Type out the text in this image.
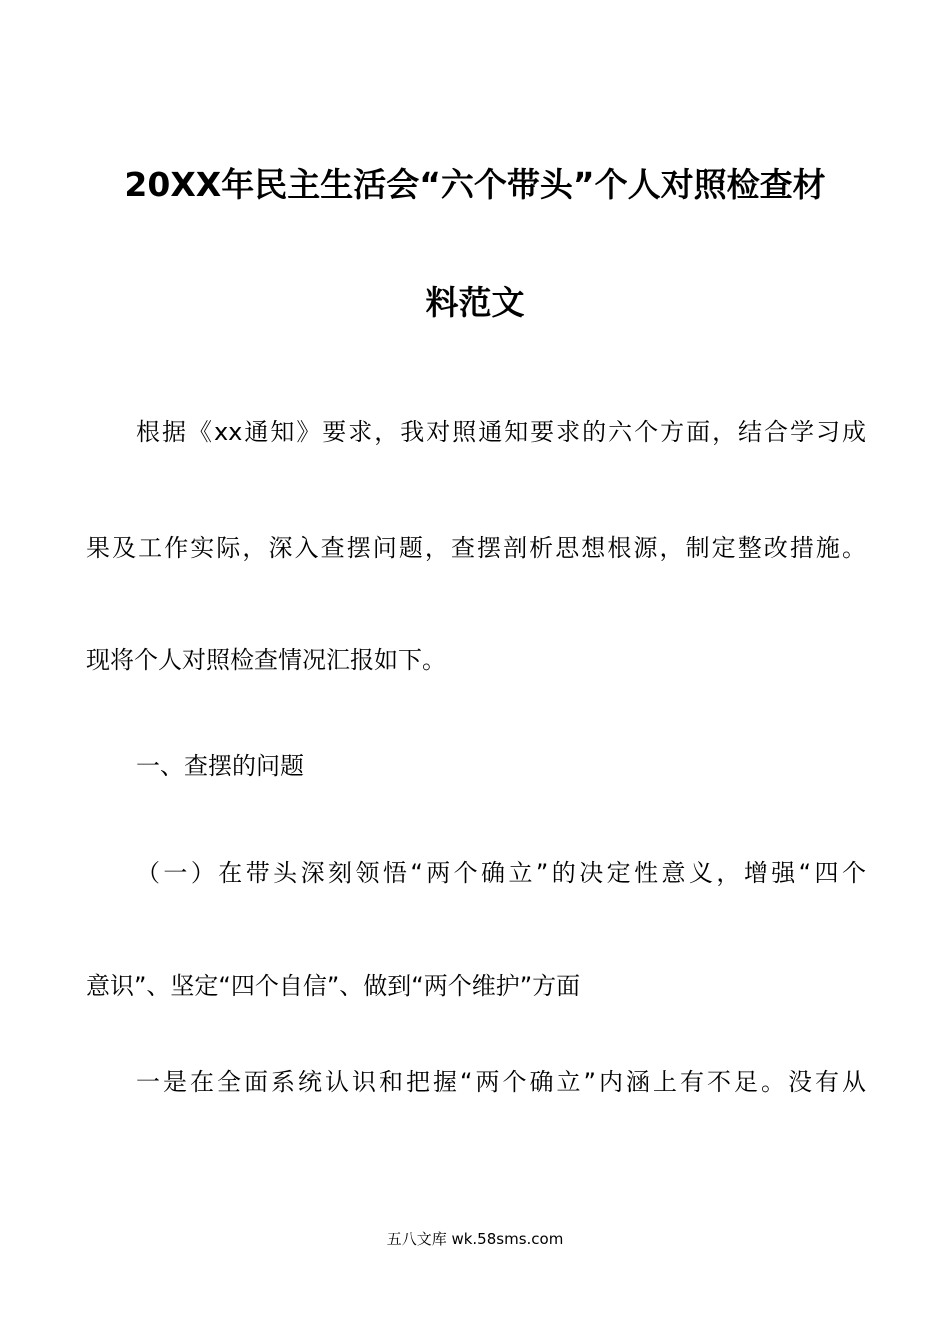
20XX年民主生活会“六个带头”个人对照检查材
料范文
根据《xx通知》要求，我对照通知要求的六个方面，结合学习成
果及工作实际，深入查摆问题，查摆剖析思想根源，制定整改措施。
现将个人对照检查情况汇报如下。
一、查摆的问题
（一）在带头深刻领悟“两个确立”的决定性意义，增强“四个
意识”、坚定“四个自信”、做到“两个维护”方面
一是在全面系统认识和把握“两个确立”内涵上有不足。没有从
五八文库 wk.58sms.com
